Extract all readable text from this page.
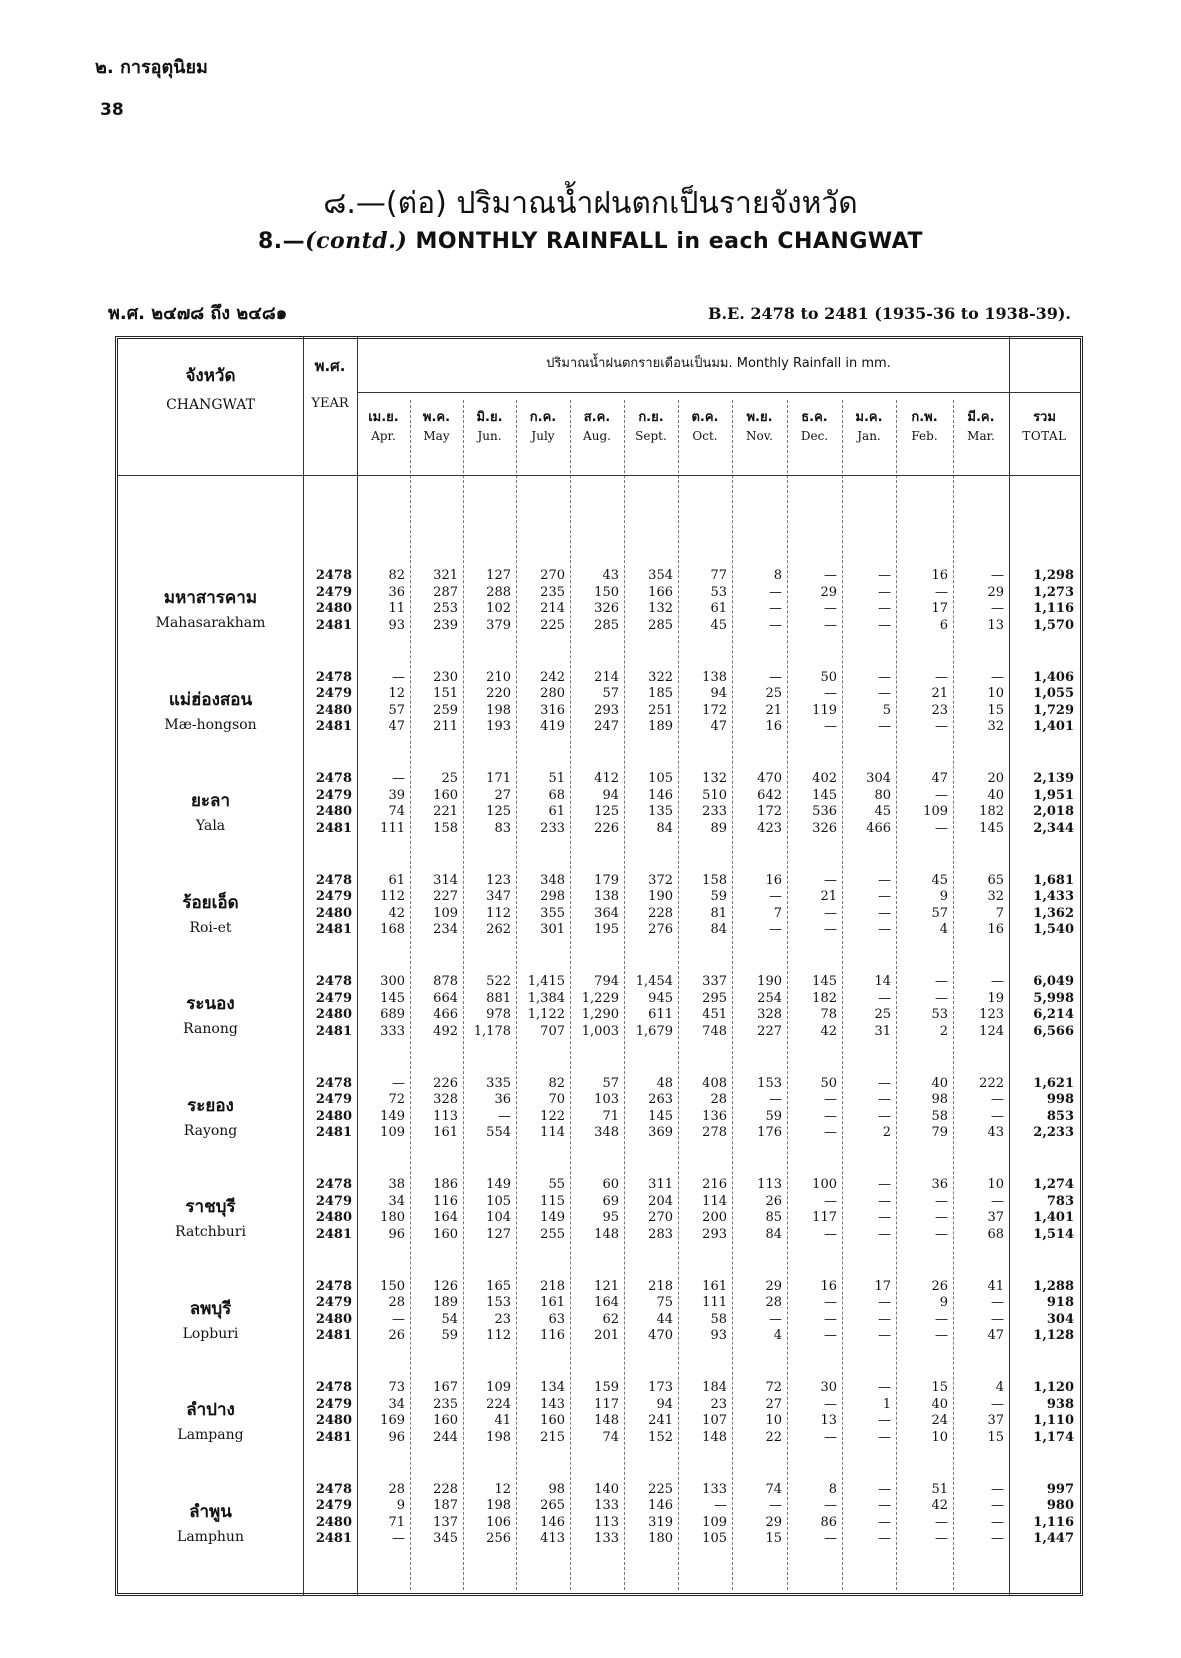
๒. การอุตุนิยม
38
๘.—(ต่อ) ปริมาณน้ำฝนตกเป็นรายจังหวัด
8.—(contd.) MONTHLY RAINFALL in each CHANGWAT
พ.ศ. ๒๔๗๘ ถึง ๒๔๘๑	B.E. 2478 to 2481 (1935-36 to 1938-39).
จังหวัด
CHANGWAT
พ.ศ.
YEAR
ปริมาณน้ำฝนตกรายเดือนเป็นมม. Monthly Rainfall in mm.
เม.ย.
Apr.
พ.ค.
May
มิ.ย.
Jun.
ก.ค.
July
ส.ค.
Aug.
ก.ย.
Sept.
ต.ค.
Oct.
พ.ย.
Nov.
ธ.ค.
Dec.
ม.ค.
Jan.
ก.พ.
Feb.
มี.ค.
Mar.
รวม
TOTAL
มหาสารคาม
Mahasarakham
2478	82	321	127	270	43	354	77	8	—	—	16	—	1,298
2479	36	287	288	235	150	166	53	—	29	—	—	29	1,273
2480	11	253	102	214	326	132	61	—	—	—	17	—	1,116
2481	93	239	379	225	285	285	45	—	—	—	6	13	1,570
แม่ฮ่องสอน
Mæ-hongson
2478	—	230	210	242	214	322	138	—	50	—	—	—	1,406
2479	12	151	220	280	57	185	94	25	—	—	21	10	1,055
2480	57	259	198	316	293	251	172	21	119	5	23	15	1,729
2481	47	211	193	419	247	189	47	16	—	—	—	32	1,401
ยะลา
Yala
2478	—	25	171	51	412	105	132	470	402	304	47	20	2,139
2479	39	160	27	68	94	146	510	642	145	80	—	40	1,951
2480	74	221	125	61	125	135	233	172	536	45	109	182	2,018
2481	111	158	83	233	226	84	89	423	326	466	—	145	2,344
ร้อยเอ็ด
Roi-et
2478	61	314	123	348	179	372	158	16	—	—	45	65	1,681
2479	112	227	347	298	138	190	59	—	21	—	9	32	1,433
2480	42	109	112	355	364	228	81	7	—	—	57	7	1,362
2481	168	234	262	301	195	276	84	—	—	—	4	16	1,540
ระนอง
Ranong
2478	300	878	522	1,415	794	1,454	337	190	145	14	—	—	6,049
2479	145	664	881	1,384	1,229	945	295	254	182	—	—	19	5,998
2480	689	466	978	1,122	1,290	611	451	328	78	25	53	123	6,214
2481	333	492	1,178	707	1,003	1,679	748	227	42	31	2	124	6,566
ระยอง
Rayong
2478	—	226	335	82	57	48	408	153	50	—	40	222	1,621
2479	72	328	36	70	103	263	28	—	—	—	98	—	998
2480	149	113	—	122	71	145	136	59	—	—	58	—	853
2481	109	161	554	114	348	369	278	176	—	2	79	43	2,233
ราชบุรี
Ratchburi
2478	38	186	149	55	60	311	216	113	100	—	36	10	1,274
2479	34	116	105	115	69	204	114	26	—	—	—	—	783
2480	180	164	104	149	95	270	200	85	117	—	—	37	1,401
2481	96	160	127	255	148	283	293	84	—	—	—	68	1,514
ลพบุรี
Lopburi
2478	150	126	165	218	121	218	161	29	16	17	26	41	1,288
2479	28	189	153	161	164	75	111	28	—	—	9	—	918
2480	—	54	23	63	62	44	58	—	—	—	—	—	304
2481	26	59	112	116	201	470	93	4	—	—	—	47	1,128
ลำปาง
Lampang
2478	73	167	109	134	159	173	184	72	30	—	15	4	1,120
2479	34	235	224	143	117	94	23	27	—	1	40	—	938
2480	169	160	41	160	148	241	107	10	13	—	24	37	1,110
2481	96	244	198	215	74	152	148	22	—	—	10	15	1,174
ลำพูน
Lamphun
2478	28	228	12	98	140	225	133	74	8	—	51	—	997
2479	9	187	198	265	133	146	—	—	—	—	42	—	980
2480	71	137	106	146	113	319	109	29	86	—	—	—	1,116
2481	—	345	256	413	133	180	105	15	—	—	—	—	1,447
